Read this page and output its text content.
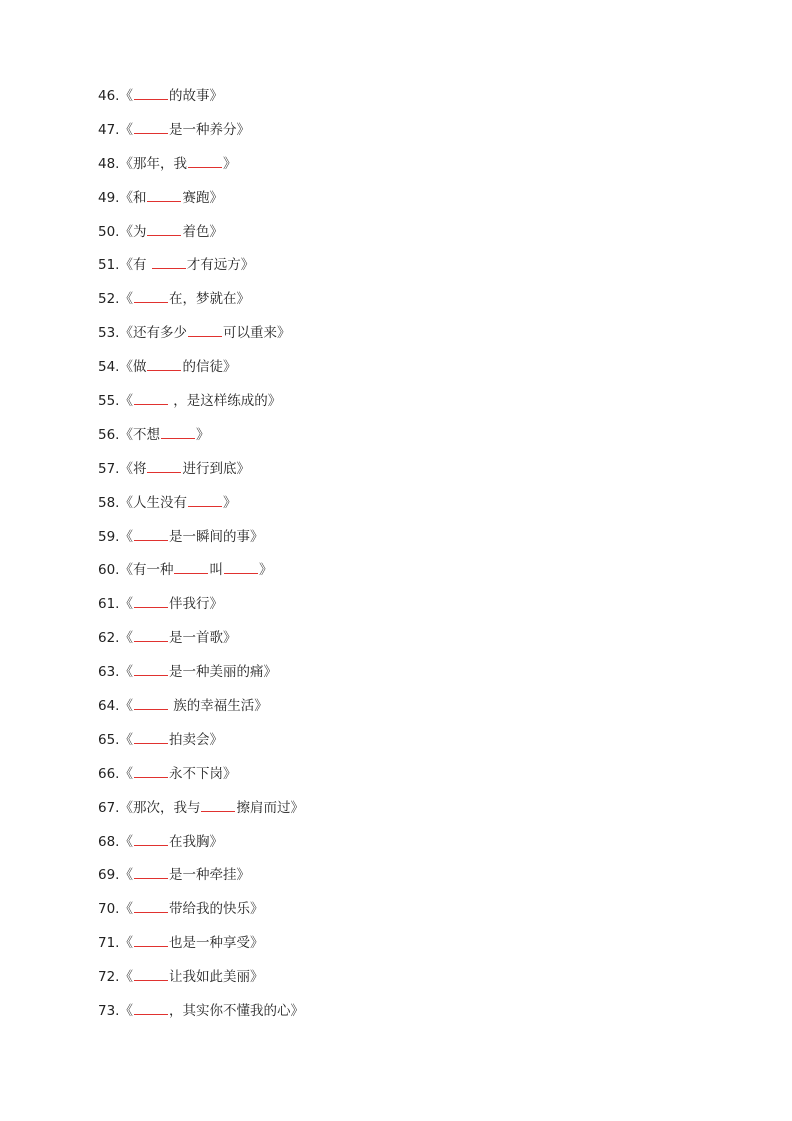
46.《	的故事》
47.《	是一种养分》
48.《那年，我	》
49.《和	赛跑》
50.《为	着色》
51.《有	才有远方》
52.《	在，梦就在》
53.《还有多少	可以重来》
54.《做	的信徒》
55.《	，是这样练成的》
56.《不想	》
57.《将	进行到底》
58.《人生没有	》
59.《	是一瞬间的事》
60.《有一种	叫	》
61.《	伴我行》
62.《	是一首歌》
63.《	是一种美丽的痛》
64.《	族的幸福生活》
65.《	拍卖会》
66.《	永不下岗》
67.《那次，我与	擦肩而过》
68.《	在我胸》
69.《	是一种牵挂》
70.《	带给我的快乐》
71.《	也是一种享受》
72.《	让我如此美丽》
73.《	，其实你不懂我的心》
